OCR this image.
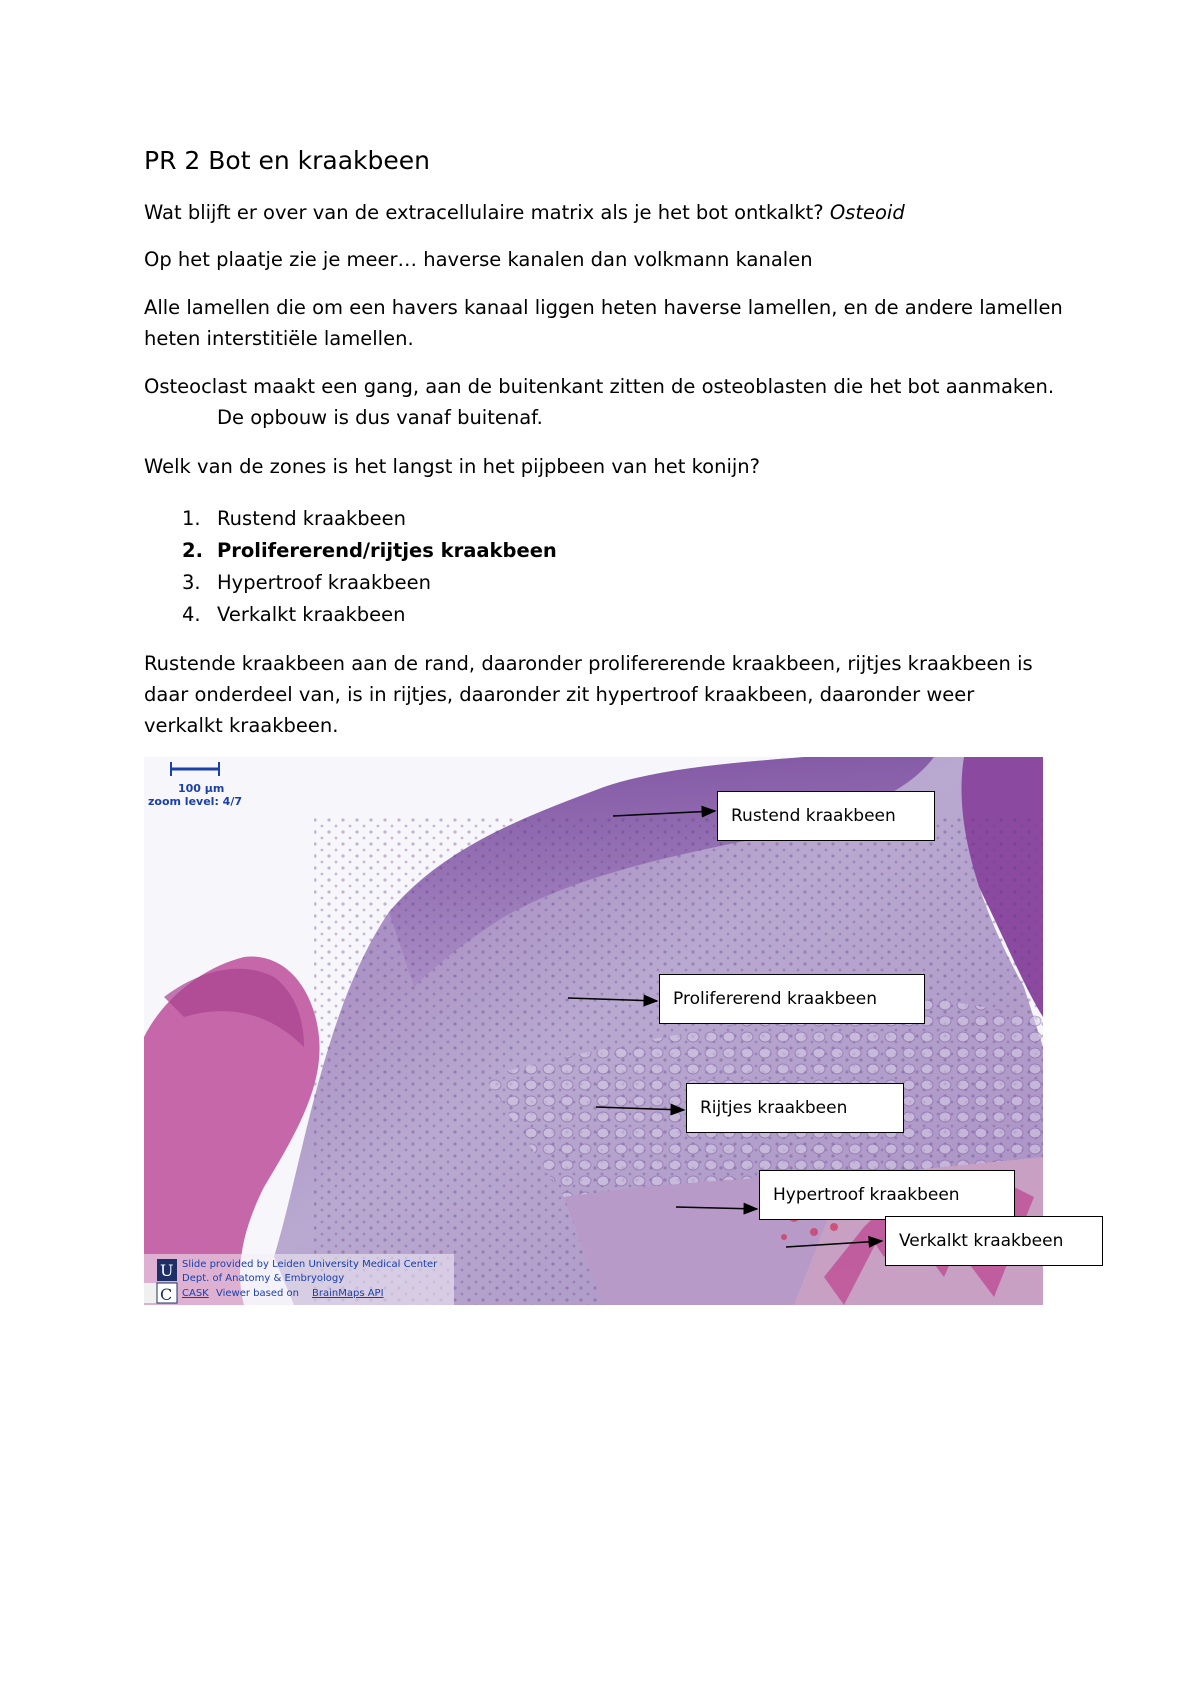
PR 2 Bot en kraakbeen

Wat blijft er over van de extracellulaire matrix als je het bot ontkalkt? Osteoid

Op het plaatje zie je meer… haverse kanalen dan volkmann kanalen

Alle lamellen die om een havers kanaal liggen heten haverse lamellen, en de andere lamellen

heten interstitiële lamellen.

Osteoclast maakt een gang, aan de buitenkant zitten de osteoblasten die het bot aanmaken.

De opbouw is dus vanaf buitenaf.

Welk van de zones is het langst in het pijpbeen van het konijn?

1. Rustend kraakbeen
2. Prolifererend/rijtjes kraakbeen
3. Hypertroof kraakbeen
4. Verkalkt kraakbeen

Rustende kraakbeen aan de rand, daaronder prolifererende kraakbeen, rijtjes kraakbeen is

daar onderdeel van, is in rijtjes, daaronder zit hypertroof kraakbeen, daaronder weer

verkalkt kraakbeen.

100 µm
zoom level: 4/7
U
C
Slide provided by Leiden University Medical Center
Dept. of Anatomy & Embryology
CASK Viewer based on BrainMaps API
Rustend kraakbeen
Prolifererend kraakbeen
Rijtjes kraakbeen
Hypertroof kraakbeen
Verkalkt kraakbeen
